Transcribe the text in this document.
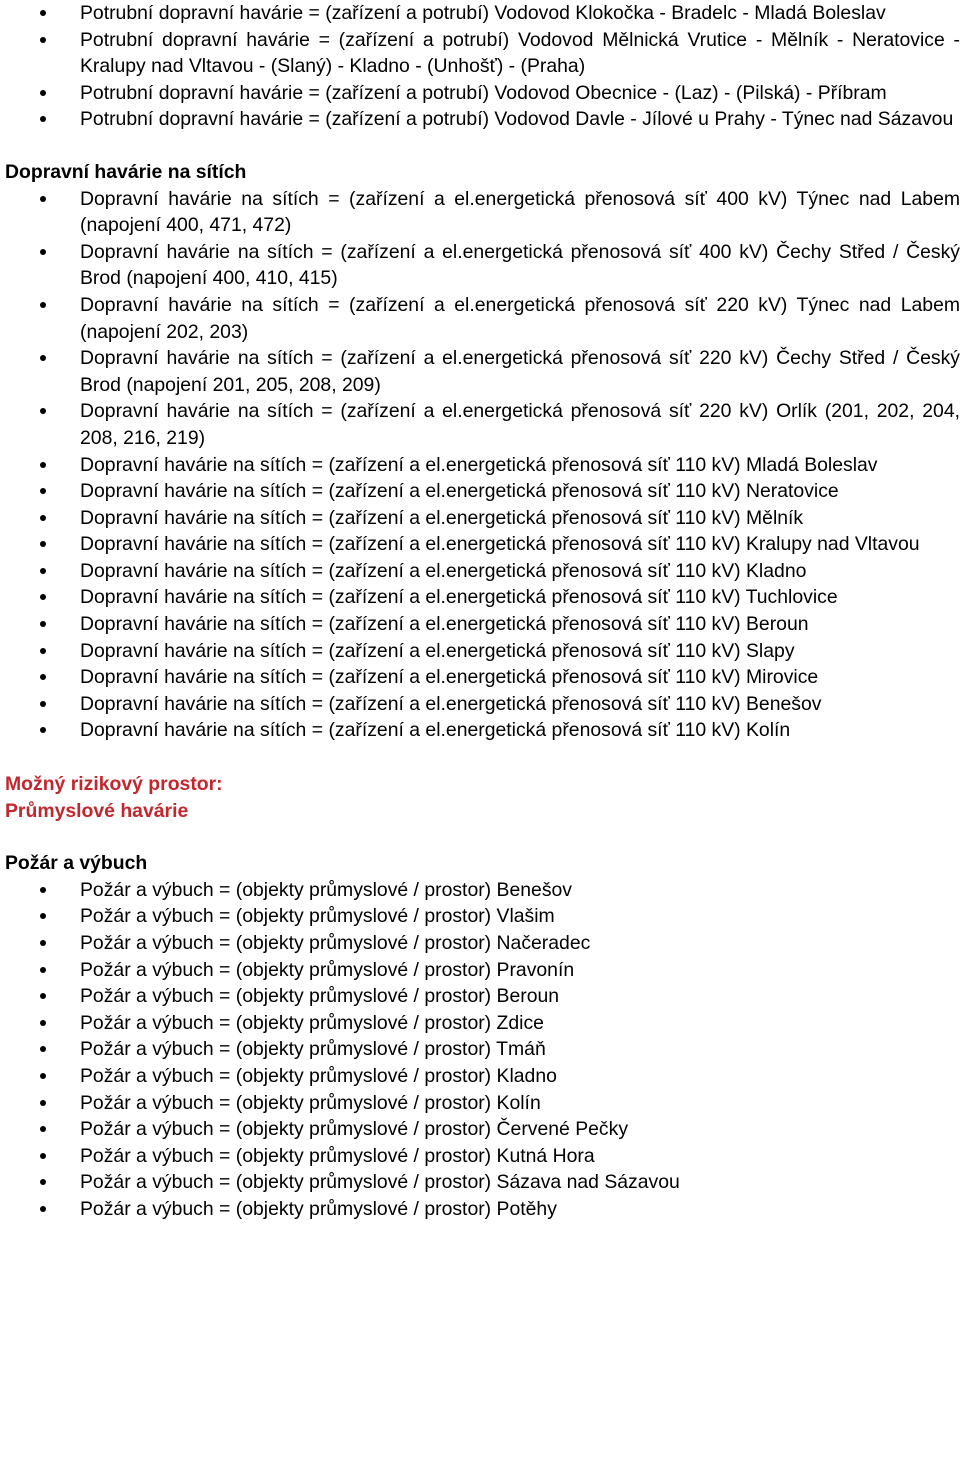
Potrubní dopravní havárie = (zařízení a potrubí) Vodovod Klokočka - Bradelc - Mladá Boleslav
Potrubní dopravní havárie = (zařízení a potrubí) Vodovod Mělnická Vrutice - Mělník - Neratovice - Kralupy nad Vltavou - (Slaný) - Kladno - (Unhošť) - (Praha)
Potrubní dopravní havárie = (zařízení a potrubí) Vodovod Obecnice - (Laz) - (Pilská) - Příbram
Potrubní dopravní havárie = (zařízení a potrubí) Vodovod Davle - Jílové u Prahy - Týnec nad Sázavou
Dopravní havárie na sítích
Dopravní havárie na sítích = (zařízení a el.energetická přenosová síť 400 kV) Týnec nad Labem (napojení 400, 471, 472)
Dopravní havárie na sítích = (zařízení a el.energetická přenosová síť 400 kV) Čechy Střed / Český Brod (napojení 400, 410, 415)
Dopravní havárie na sítích = (zařízení a el.energetická přenosová síť 220 kV) Týnec nad Labem (napojení 202, 203)
Dopravní havárie na sítích = (zařízení a el.energetická přenosová síť 220 kV) Čechy Střed / Český Brod (napojení 201, 205, 208, 209)
Dopravní havárie na sítích = (zařízení a el.energetická přenosová síť 220 kV) Orlík (201, 202, 204, 208, 216, 219)
Dopravní havárie na sítích = (zařízení a el.energetická přenosová síť 110 kV) Mladá Boleslav
Dopravní havárie na sítích = (zařízení a el.energetická přenosová síť 110 kV) Neratovice
Dopravní havárie na sítích = (zařízení a el.energetická přenosová síť 110 kV) Mělník
Dopravní havárie na sítích = (zařízení a el.energetická přenosová síť 110 kV) Kralupy nad Vltavou
Dopravní havárie na sítích = (zařízení a el.energetická přenosová síť 110 kV) Kladno
Dopravní havárie na sítích = (zařízení a el.energetická přenosová síť 110 kV) Tuchlovice
Dopravní havárie na sítích = (zařízení a el.energetická přenosová síť 110 kV) Beroun
Dopravní havárie na sítích = (zařízení a el.energetická přenosová síť 110 kV) Slapy
Dopravní havárie na sítích = (zařízení a el.energetická přenosová síť 110 kV) Mirovice
Dopravní havárie na sítích = (zařízení a el.energetická přenosová síť 110 kV) Benešov
Dopravní havárie na sítích = (zařízení a el.energetická přenosová síť 110 kV) Kolín
Možný rizikový prostor:
Průmyslové havárie
Požár a výbuch
Požár a výbuch = (objekty průmyslové / prostor) Benešov
Požár a výbuch = (objekty průmyslové / prostor) Vlašim
Požár a výbuch = (objekty průmyslové / prostor) Načeradec
Požár a výbuch = (objekty průmyslové / prostor) Pravonín
Požár a výbuch = (objekty průmyslové / prostor) Beroun
Požár a výbuch = (objekty průmyslové / prostor) Zdice
Požár a výbuch = (objekty průmyslové / prostor) Tmáň
Požár a výbuch = (objekty průmyslové / prostor) Kladno
Požár a výbuch = (objekty průmyslové / prostor) Kolín
Požár a výbuch = (objekty průmyslové / prostor) Červené Pečky
Požár a výbuch = (objekty průmyslové / prostor) Kutná Hora
Požár a výbuch = (objekty průmyslové / prostor) Sázava nad Sázavou
Požár a výbuch = (objekty průmyslové / prostor) Potěhy
